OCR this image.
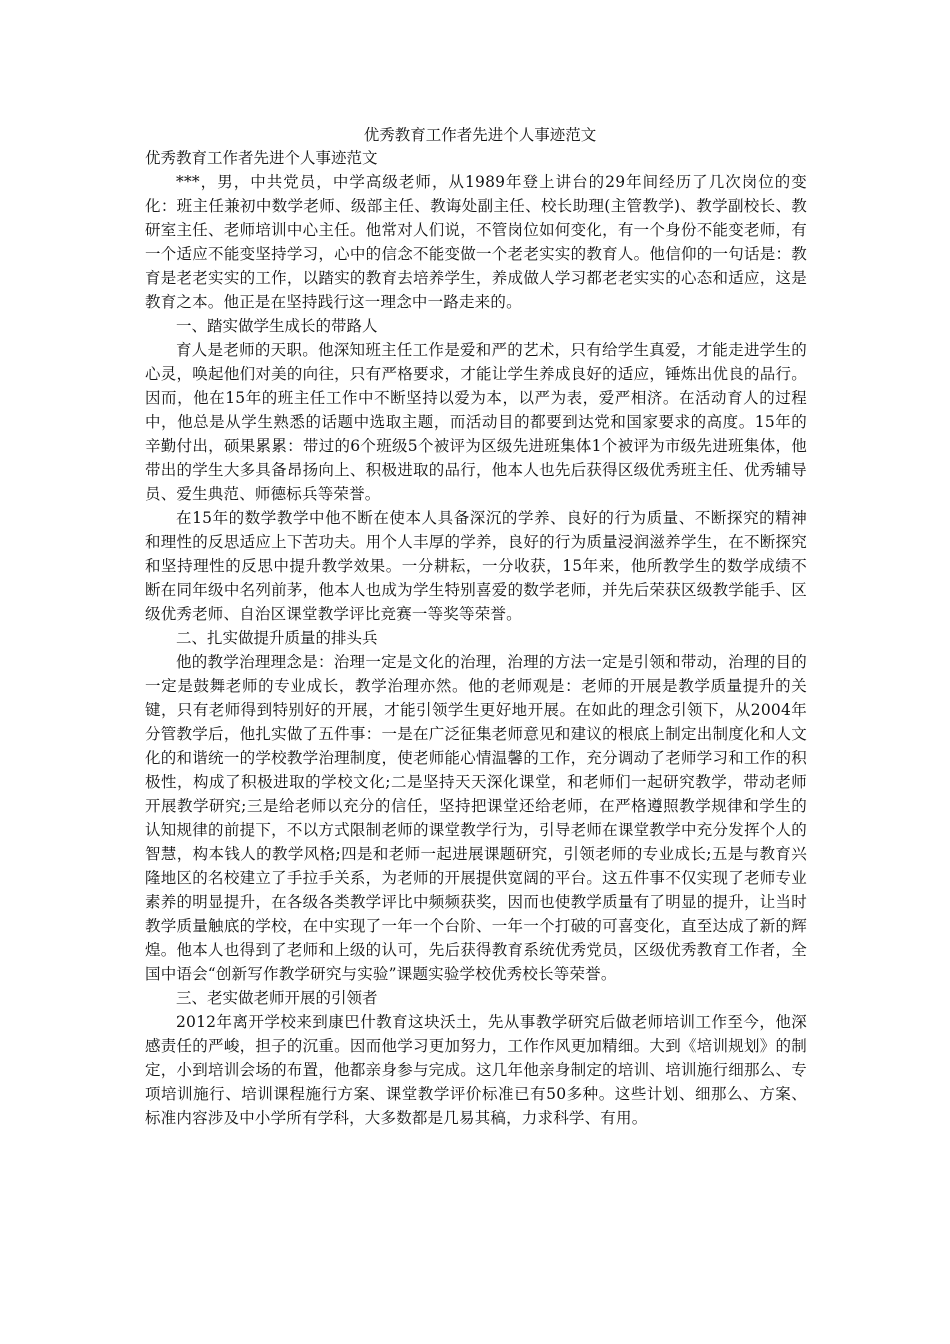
优秀教育工作者先进个人事迹范文

优秀教育工作者先进个人事迹范文

***，男，中共党员，中学高级老师，从1989年登上讲台的29年间经历了几次岗位的变化：班主任兼初中数学老师、级部主任、教诲处副主任、校长助理(主管教学)、教学副校长、教研室主任、老师培训中心主任。他常对人们说，不管岗位如何变化，有一个身份不能变老师，有一个适应不能变坚持学习，心中的信念不能变做一个老老实实的教育人。他信仰的一句话是：教育是老老实实的工作，以踏实的教育去培养学生，养成做人学习都老老实实的心态和适应，这是教育之本。他正是在坚持践行这一理念中一路走来的。

一、踏实做学生成长的带路人

育人是老师的天职。他深知班主任工作是爱和严的艺术，只有给学生真爱，才能走进学生的心灵，唤起他们对美的向往，只有严格要求，才能让学生养成良好的适应，锤炼出优良的品行。因而，他在15年的班主任工作中不断坚持以爱为本，以严为表，爱严相济。在活动育人的过程中，他总是从学生熟悉的话题中选取主题，而活动目的都要到达党和国家要求的高度。15年的辛勤付出，硕果累累：带过的6个班级5个被评为区级先进班集体1个被评为市级先进班集体，他带出的学生大多具备昂扬向上、积极进取的品行，他本人也先后获得区级优秀班主任、优秀辅导员、爱生典范、师德标兵等荣誉。

在15年的数学教学中他不断在使本人具备深沉的学养、良好的行为质量、不断探究的精神和理性的反思适应上下苦功夫。用个人丰厚的学养，良好的行为质量浸润滋养学生，在不断探究和坚持理性的反思中提升教学效果。一分耕耘，一分收获，15年来，他所教学生的数学成绩不断在同年级中名列前茅，他本人也成为学生特别喜爱的数学老师，并先后荣获区级教学能手、区级优秀老师、自治区课堂教学评比竞赛一等奖等荣誉。

二、扎实做提升质量的排头兵

他的教学治理理念是：治理一定是文化的治理，治理的方法一定是引领和带动，治理的目的一定是鼓舞老师的专业成长，教学治理亦然。他的老师观是：老师的开展是教学质量提升的关键，只有老师得到特别好的开展，才能引领学生更好地开展。在如此的理念引领下，从2004年分管教学后，他扎实做了五件事：一是在广泛征集老师意见和建议的根底上制定出制度化和人文化的和谐统一的学校教学治理制度，使老师能心情温馨的工作，充分调动了老师学习和工作的积极性，构成了积极进取的学校文化;二是坚持天天深化课堂，和老师们一起研究教学，带动老师开展教学研究;三是给老师以充分的信任，坚持把课堂还给老师，在严格遵照教学规律和学生的认知规律的前提下，不以方式限制老师的课堂教学行为，引导老师在课堂教学中充分发挥个人的智慧，构本钱人的教学风格;四是和老师一起进展课题研究，引领老师的专业成长;五是与教育兴隆地区的名校建立了手拉手关系，为老师的开展提供宽阔的平台。这五件事不仅实现了老师专业素养的明显提升，在各级各类教学评比中频频获奖，因而也使教学质量有了明显的提升，让当时教学质量触底的学校，在中实现了一年一个台阶、一年一个打破的可喜变化，直至达成了新的辉煌。他本人也得到了老师和上级的认可，先后获得教育系统优秀党员，区级优秀教育工作者，全国中语会“创新写作教学研究与实验”课题实验学校优秀校长等荣誉。

三、老实做老师开展的引领者

2012年离开学校来到康巴什教育这块沃土，先从事教学研究后做老师培训工作至今，他深感责任的严峻，担子的沉重。因而他学习更加努力，工作作风更加精细。大到《培训规划》的制定，小到培训会场的布置，他都亲身参与完成。这几年他亲身制定的培训、培训施行细那么、专项培训施行、培训课程施行方案、课堂教学评价标准已有50多种。这些计划、细那么、方案、标准内容涉及中小学所有学科，大多数都是几易其稿，力求科学、有用。
